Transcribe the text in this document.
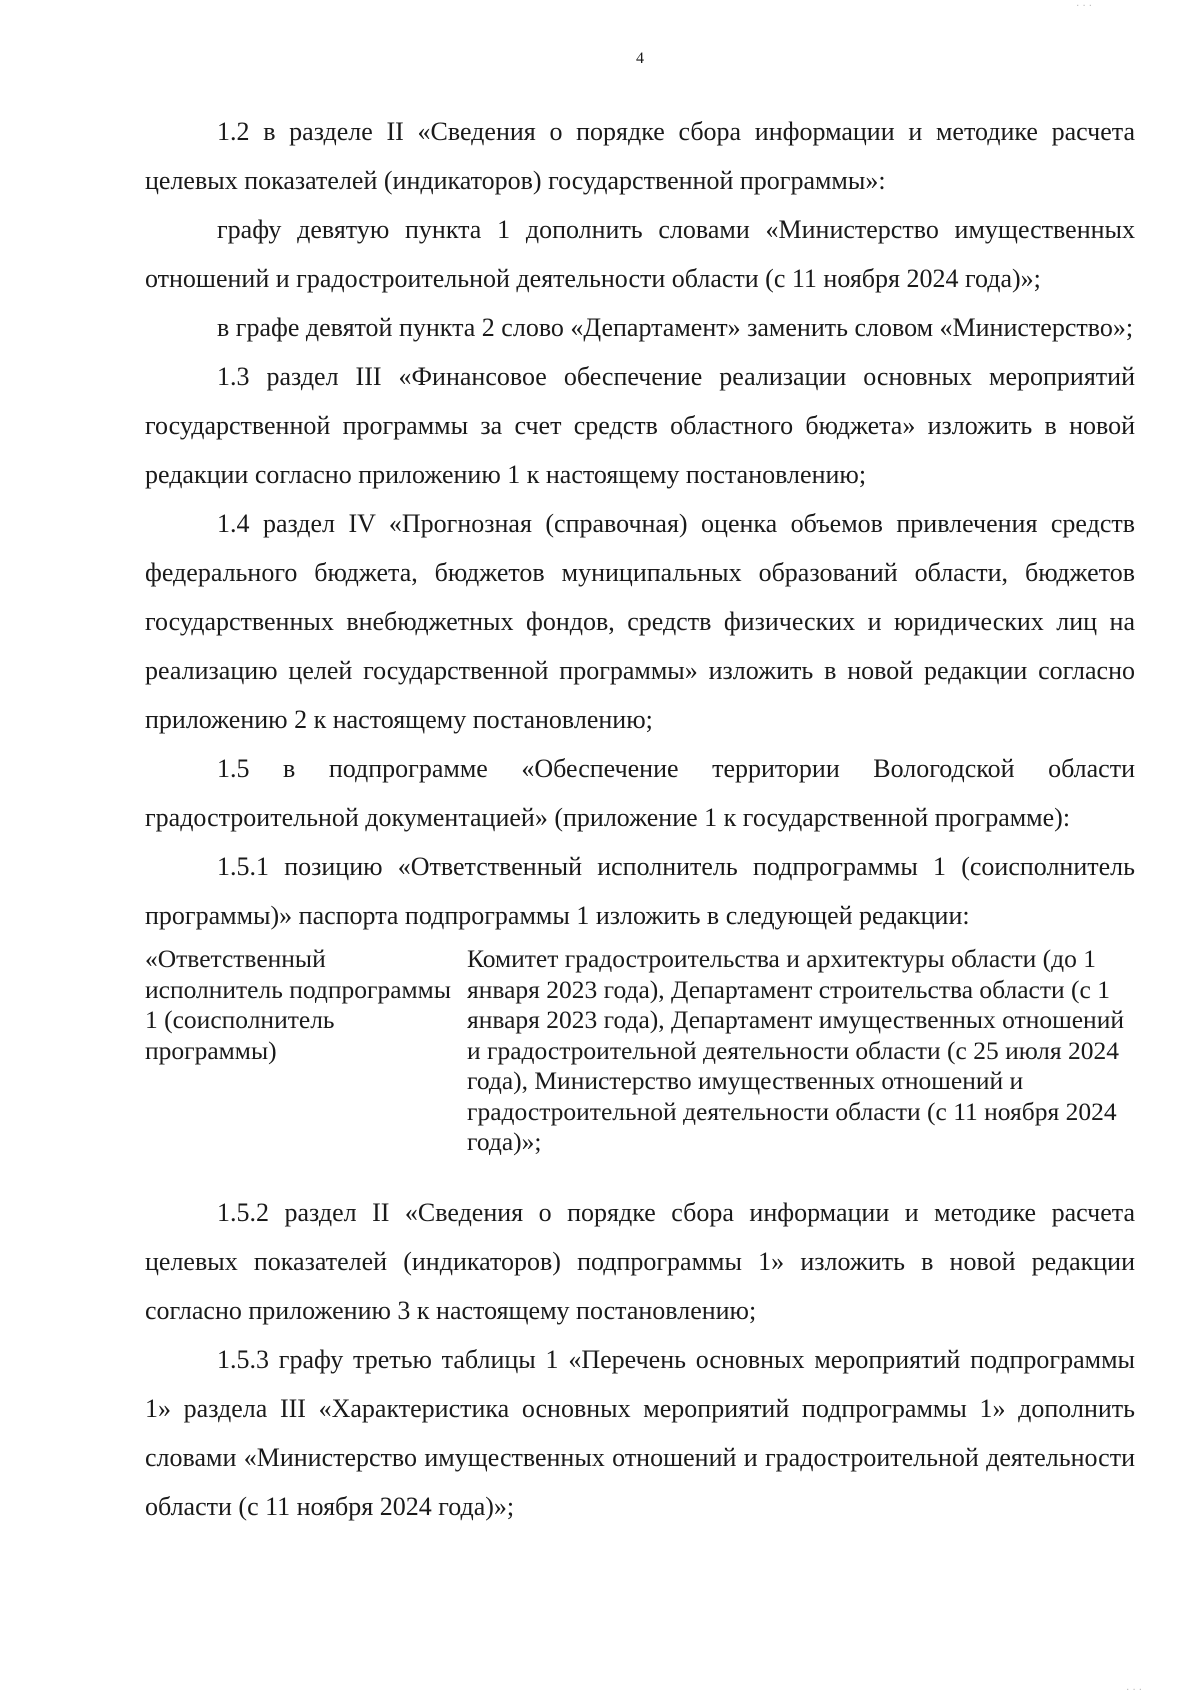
. . .
4

1.2 в разделе II «Сведения о порядке сбора информации и методике расчета целевых показателей (индикаторов) государственной программы»:

графу девятую пункта 1 дополнить словами «Министерство имущественных отношений и градостроительной деятельности области (с 11 ноября 2024 года)»;

в графе девятой пункта 2 слово «Департамент» заменить словом «Министерство»;

1.3 раздел III «Финансовое обеспечение реализации основных мероприятий государственной программы за счет средств областного бюджета» изложить в новой редакции согласно приложению 1 к настоящему постановлению;

1.4 раздел IV «Прогнозная (справочная) оценка объемов привлечения средств федерального бюджета, бюджетов муниципальных образований области, бюджетов государственных внебюджетных фондов, средств физических и юридических лиц на реализацию целей государственной программы» изложить в новой редакции согласно приложению 2 к настоящему постановлению;

1.5 в подпрограмме «Обеспечение территории Вологодской области градостроительной документацией» (приложение 1 к государственной программе):

1.5.1 позицию «Ответственный исполнитель подпрограммы 1 (соисполнитель программы)» паспорта подпрограммы 1 изложить в следующей редакции:

«Ответственный исполнитель подпрограммы 1 (соисполнитель программы)
Комитет градостроительства и архитектуры области (до 1 января 2023 года), Департамент строительства области (с 1 января 2023 года), Департамент имущественных отношений и градостроительной деятельности области (с 25 июля 2024 года), Министерство имущественных отношений и градостроительной деятельности области (с 11 ноября 2024 года)»;

1.5.2 раздел II «Сведения о порядке сбора информации и методике расчета целевых показателей (индикаторов) подпрограммы 1» изложить в новой редакции согласно приложению 3 к настоящему постановлению;

1.5.3 графу третью таблицы 1 «Перечень основных мероприятий подпрограммы 1» раздела III «Характеристика основных мероприятий подпрограммы 1» дополнить словами «Министерство имущественных отношений и градостроительной деятельности области (с 11 ноября 2024 года)»;

. . .
